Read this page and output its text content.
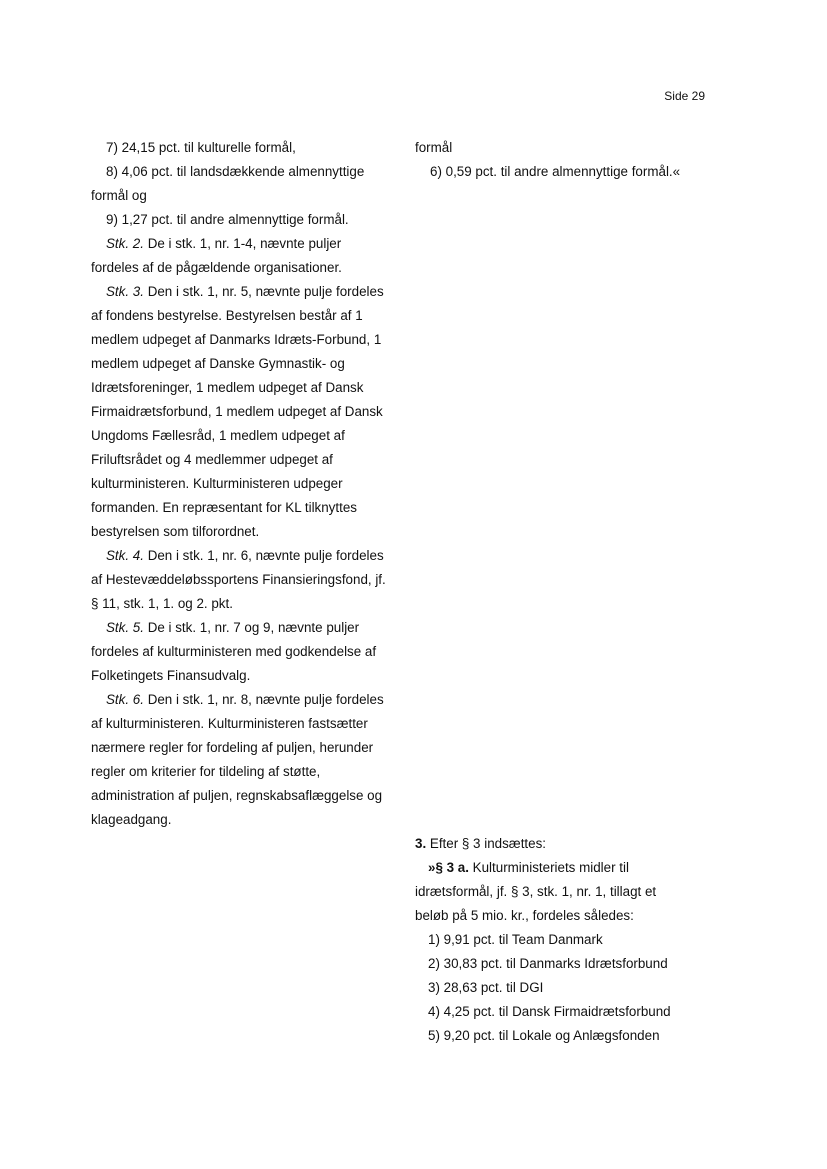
Side 29
7) 24,15 pct. til kulturelle formål,
8) 4,06 pct. til landsdækkende almennyttige
formål og
9) 1,27 pct. til andre almennyttige formål.
Stk. 2. De i stk. 1, nr. 1-4, nævnte puljer
fordeles af de pågældende organisationer.
Stk. 3. Den i stk. 1, nr. 5, nævnte pulje fordeles
af fondens bestyrelse. Bestyrelsen består af 1
medlem udpeget af Danmarks Idræts-Forbund, 1
medlem udpeget af Danske Gymnastik- og
Idrætsforeninger, 1 medlem udpeget af Dansk
Firmaidrætsforbund, 1 medlem udpeget af Dansk
Ungdoms Fællesråd, 1 medlem udpeget af
Friluftsrådet og 4 medlemmer udpeget af
kulturministeren. Kulturministeren udpeger
formanden. En repræsentant for KL tilknyttes
bestyrelsen som tilforordnet.
Stk. 4. Den i stk. 1, nr. 6, nævnte pulje fordeles
af Hestevæddeløbssportens Finansieringsfond, jf.
§ 11, stk. 1, 1. og 2. pkt.
Stk. 5. De i stk. 1, nr. 7 og 9, nævnte puljer
fordeles af kulturministeren med godkendelse af
Folketingets Finansudvalg.
Stk. 6. Den i stk. 1, nr. 8, nævnte pulje fordeles
af kulturministeren. Kulturministeren fastsætter
nærmere regler for fordeling af puljen, herunder
regler om kriterier for tildeling af støtte,
administration af puljen, regnskabsaflæggelse og
klageadgang.
formål
6) 0,59 pct. til andre almennyttige formål.«
3. Efter § 3 indsættes:
»§ 3 a. Kulturministeriets midler til
idrætsformål, jf. § 3, stk. 1, nr. 1, tillagt et
beløb på 5 mio. kr., fordeles således:
1) 9,91 pct. til Team Danmark
2) 30,83 pct. til Danmarks Idrætsforbund
3) 28,63 pct. til DGI
4) 4,25 pct. til Dansk Firmaidrætsforbund
5) 9,20 pct. til Lokale og Anlægsfonden
